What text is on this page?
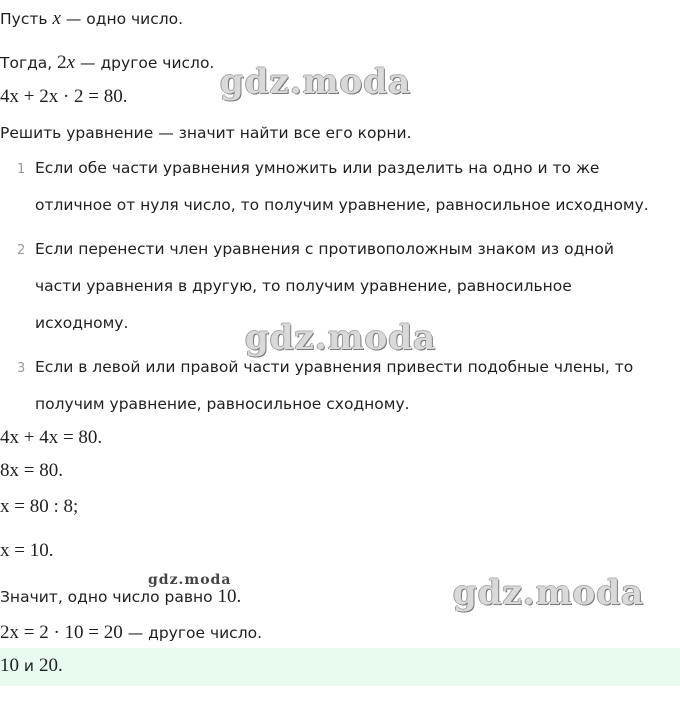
Пусть x — одно число.
Тогда, 2x — другое число.
4x + 2x · 2 = 80.
Решить уравнение — значит найти все его корни.
1 Если обе части уравнения умножить или разделить на одно и то же
отличное от нуля число, то получим уравнение, равносильное исходному.
2 Если перенести член уравнения с противоположным знаком из одной
части уравнения в другую, то получим уравнение, равносильное
исходному.
3 Если в левой или правой части уравнения привести подобные члены, то
получим уравнение, равносильное сходному.
4x + 4x = 80.
8x = 80.
x = 80 : 8;
x = 10.
Значит, одно число равно 10.
2x = 2 · 10 = 20 — другое число.
10 и 20.
gdz.moda
gdz.moda
gdz.moda	gdz.moda
